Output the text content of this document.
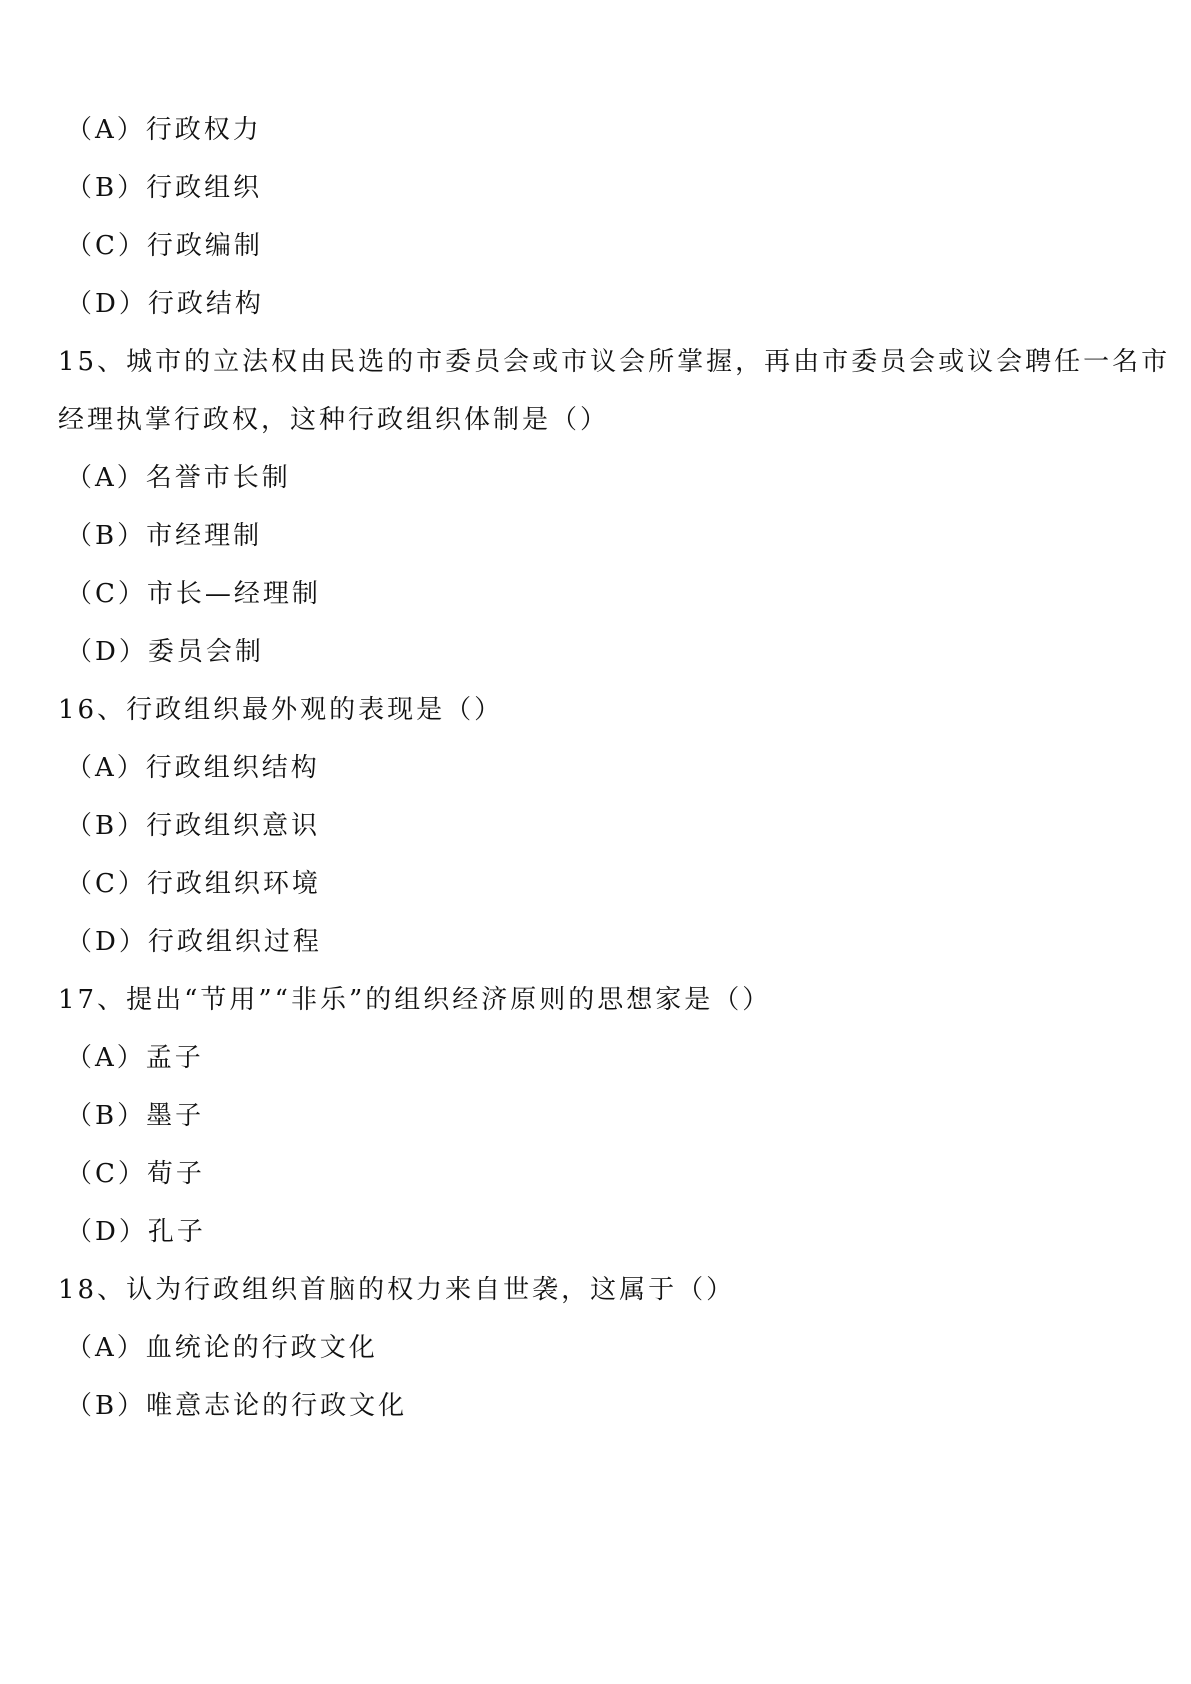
（A）行政权力
（B）行政组织
（C）行政编制
（D）行政结构
15、城市的立法权由民选的市委员会或市议会所掌握，再由市委员会或议会聘任一名市
经理执掌行政权，这种行政组织体制是（）
（A）名誉市长制
（B）市经理制
（C）市长—经理制
（D）委员会制
16、行政组织最外观的表现是（）
（A）行政组织结构
（B）行政组织意识
（C）行政组织环境
（D）行政组织过程
17、提出“节用”“非乐”的组织经济原则的思想家是（）
（A）孟子
（B）墨子
（C）荀子
（D）孔子
18、认为行政组织首脑的权力来自世袭，这属于（）
（A）血统论的行政文化
（B）唯意志论的行政文化
